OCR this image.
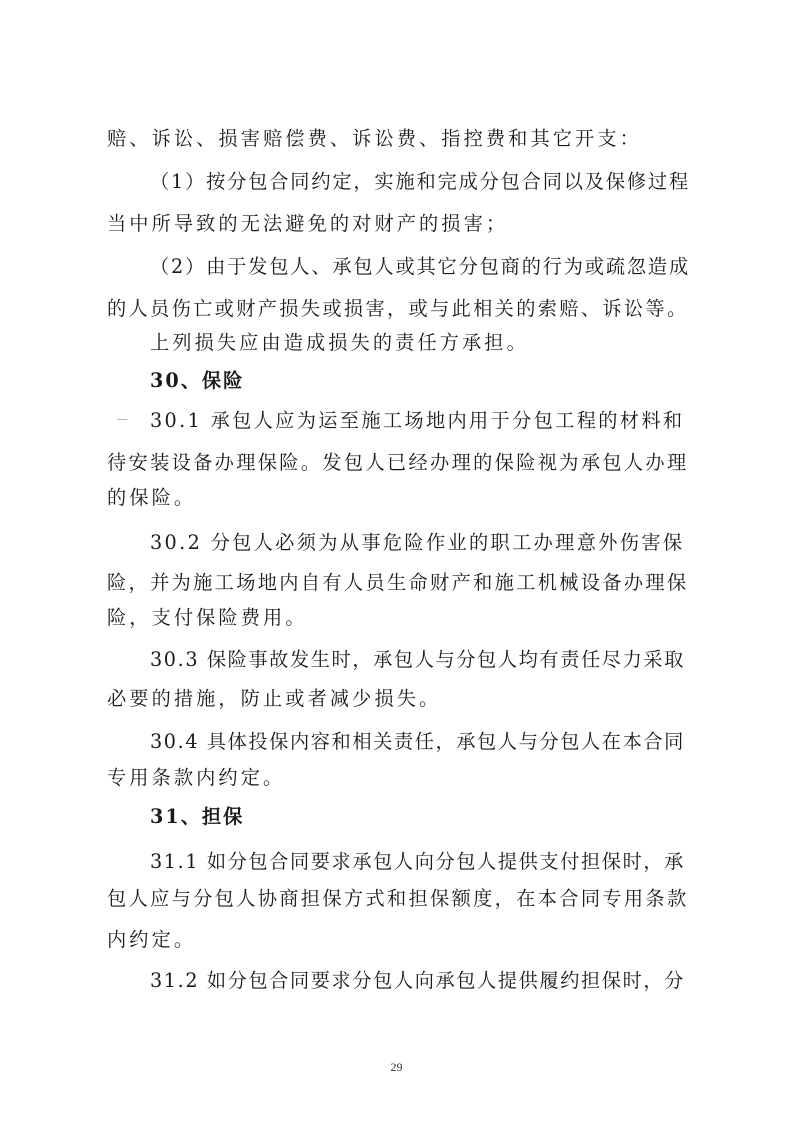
赔、诉讼、损害赔偿费、诉讼费、指控费和其它开支：

（1）按分包合同约定，实施和完成分包合同以及保修过程

当中所导致的无法避免的对财产的损害；

（2）由于发包人、承包人或其它分包商的行为或疏忽造成

的人员伤亡或财产损失或损害，或与此相关的索赔、诉讼等。

上列损失应由造成损失的责任方承担。

30、保险

30.1 承包人应为运至施工场地内用于分包工程的材料和

待安装设备办理保险。发包人已经办理的保险视为承包人办理

的保险。

30.2 分包人必须为从事危险作业的职工办理意外伤害保

险，并为施工场地内自有人员生命财产和施工机械设备办理保

险，支付保险费用。

30.3 保险事故发生时，承包人与分包人均有责任尽力采取

必要的措施，防止或者减少损失。

30.4 具体投保内容和相关责任，承包人与分包人在本合同

专用条款内约定。

31、担保

31.1 如分包合同要求承包人向分包人提供支付担保时，承

包人应与分包人协商担保方式和担保额度，在本合同专用条款

内约定。

31.2 如分包合同要求分包人向承包人提供履约担保时，分

29
